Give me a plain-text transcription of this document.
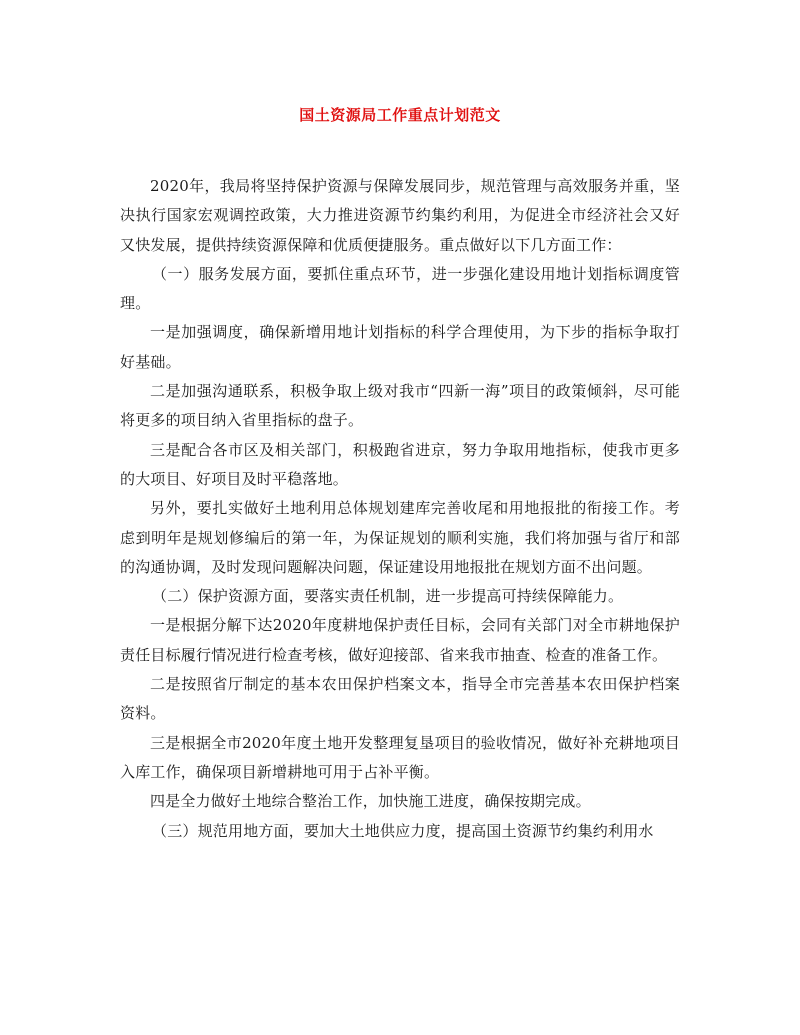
国土资源局工作重点计划范文

2020年，我局将坚持保护资源与保障发展同步，规范管理与高效服务并重，坚决执行国家宏观调控政策，大力推进资源节约集约利用，为促进全市经济社会又好又快发展，提供持续资源保障和优质便捷服务。重点做好以下几方面工作：

（一）服务发展方面，要抓住重点环节，进一步强化建设用地计划指标调度管理。

一是加强调度，确保新增用地计划指标的科学合理使用，为下步的指标争取打好基础。

二是加强沟通联系，积极争取上级对我市“四新一海”项目的政策倾斜，尽可能将更多的项目纳入省里指标的盘子。

三是配合各市区及相关部门，积极跑省进京，努力争取用地指标，使我市更多的大项目、好项目及时平稳落地。

另外，要扎实做好土地利用总体规划建库完善收尾和用地报批的衔接工作。考虑到明年是规划修编后的第一年，为保证规划的顺利实施，我们将加强与省厅和部的沟通协调，及时发现问题解决问题，保证建设用地报批在规划方面不出问题。

（二）保护资源方面，要落实责任机制，进一步提高可持续保障能力。

一是根据分解下达2020年度耕地保护责任目标，会同有关部门对全市耕地保护责任目标履行情况进行检查考核，做好迎接部、省来我市抽查、检查的准备工作。

二是按照省厅制定的基本农田保护档案文本，指导全市完善基本农田保护档案资料。

三是根据全市2020年度土地开发整理复垦项目的验收情况，做好补充耕地项目入库工作，确保项目新增耕地可用于占补平衡。

四是全力做好土地综合整治工作，加快施工进度，确保按期完成。

（三）规范用地方面，要加大土地供应力度，提高国土资源节约集约利用水
